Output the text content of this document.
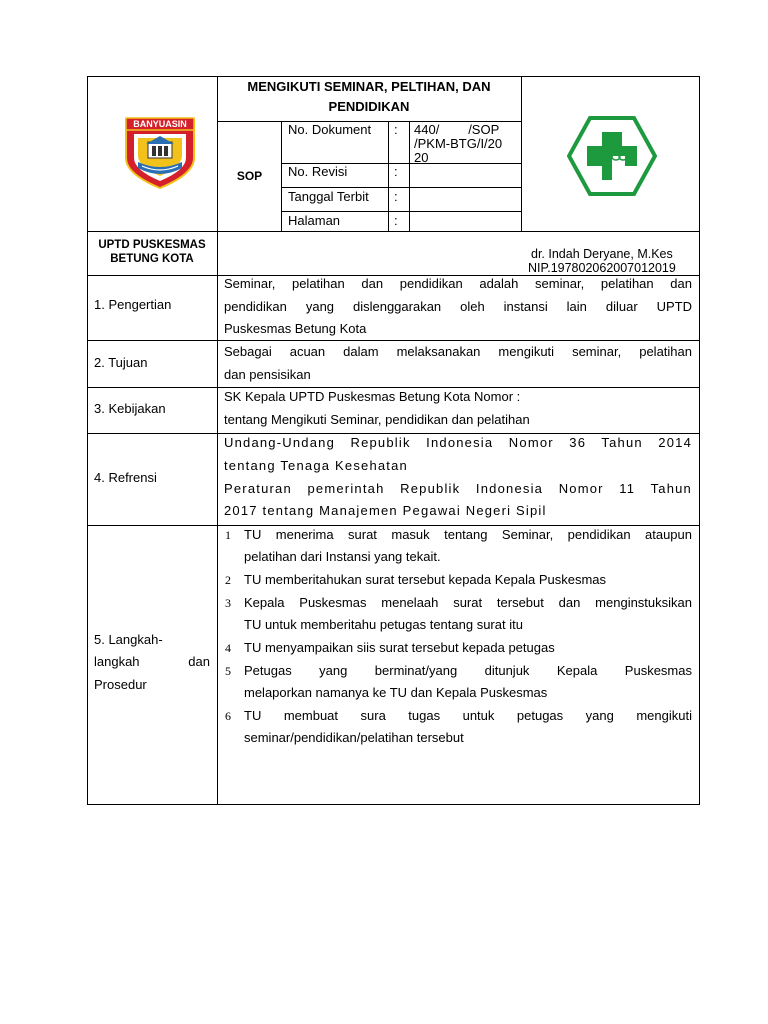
BANYUASIN
MENGIKUTI SEMINAR, PELTIHAN, DAN
PENDIDIKAN
SOP
No. Dokument : 440/        /SOP
/PKM-BTG/I/20
20
No. Revisi	:
Tanggal Terbit :
Halaman	:
UPTD PUSKESMAS
BETUNG KOTA	dr. Indah Deryane, M.Kes
NIP.197802062007012019
1. Pengertian
Seminar, pelatihan dan pendidikan adalah seminar, pelatihan dan
pendidikan yang dislenggarakan oleh instansi lain diluar UPTD
Puskesmas Betung Kota
2. Tujuan
Sebagai acuan dalam melaksanakan mengikuti seminar, pelatihan
dan pensisikan
3. Kebijakan
SK Kepala UPTD Puskesmas Betung Kota Nomor :
tentang Mengikuti Seminar, pendidikan dan pelatihan
4. Refrensi
Undang-Undang Republik Indonesia Nomor 36 Tahun 2014
tentang Tenaga Kesehatan
Peraturan pemerintah Republik Indonesia Nomor 11 Tahun
2017 tentang Manajemen Pegawai Negeri Sipil
5. Langkah-
langkah dan
Prosedur
1 TU menerima surat masuk tentang Seminar, pendidikan ataupun
pelatihan dari Instansi yang tekait.
2 TU memberitahukan surat tersebut kepada Kepala Puskesmas
3 Kepala Puskesmas menelaah surat tersebut dan menginstuksikan
TU untuk memberitahu petugas tentang surat itu
4 TU menyampaikan siis surat tersebut kepada petugas
5 Petugas yang berminat/yang ditunjuk Kepala Puskesmas
melaporkan namanya ke TU dan Kepala Puskesmas
6 TU membuat sura tugas untuk petugas yang mengikuti
seminar/pendidikan/pelatihan tersebut
